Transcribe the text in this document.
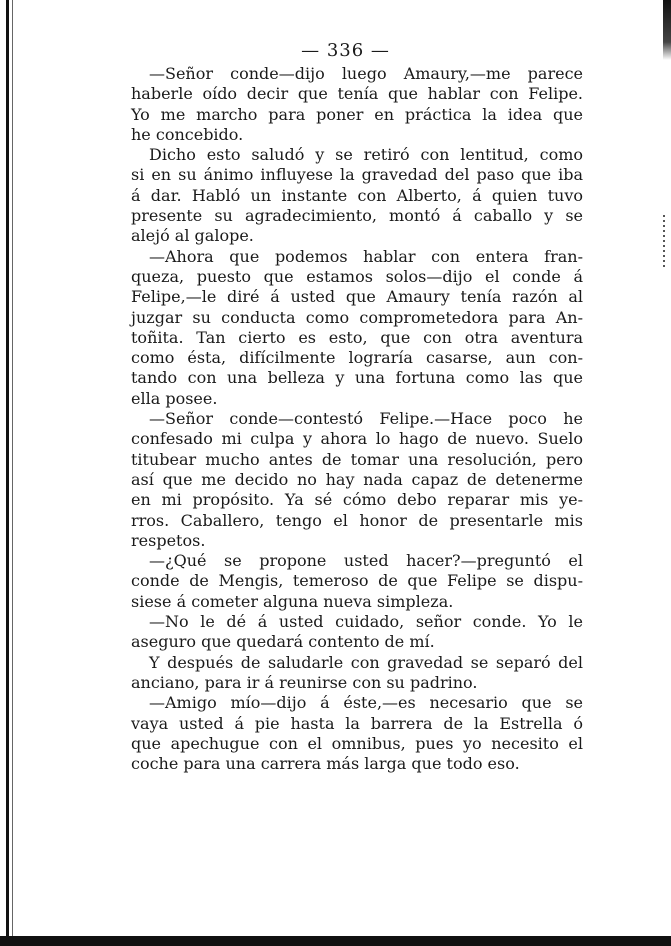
— 336 —
—Señor conde—dijo luego Amaury,—me parece
haberle oído decir que tenía que hablar con Felipe.
Yo me marcho para poner en práctica la idea que
he concebido.
Dicho esto saludó y se retiró con lentitud, como
si en su ánimo influyese la gravedad del paso que iba
á dar. Habló un instante con Alberto, á quien tuvo
presente su agradecimiento, montó á caballo y se
alejó al galope.
—Ahora que podemos hablar con entera fran-
queza, puesto que estamos solos—dijo el conde á
Felipe,—le diré á usted que Amaury tenía razón al
juzgar su conducta como comprometedora para An-
toñita. Tan cierto es esto, que con otra aventura
como ésta, difícilmente lograría casarse, aun con-
tando con una belleza y una fortuna como las que
ella posee.
—Señor conde—contestó Felipe.—Hace poco he
confesado mi culpa y ahora lo hago de nuevo. Suelo
titubear mucho antes de tomar una resolución, pero
así que me decido no hay nada capaz de detenerme
en mi propósito. Ya sé cómo debo reparar mis ye-
rros. Caballero, tengo el honor de presentarle mis
respetos.
—¿Qué se propone usted hacer?—preguntó el
conde de Mengis, temeroso de que Felipe se dispu-
siese á cometer alguna nueva simpleza.
—No le dé á usted cuidado, señor conde. Yo le
aseguro que quedará contento de mí.
Y después de saludarle con gravedad se separó del
anciano, para ir á reunirse con su padrino.
—Amigo mío—dijo á éste,—es necesario que se
vaya usted á pie hasta la barrera de la Estrella ó
que apechugue con el omnibus, pues yo necesito el
coche para una carrera más larga que todo eso.
